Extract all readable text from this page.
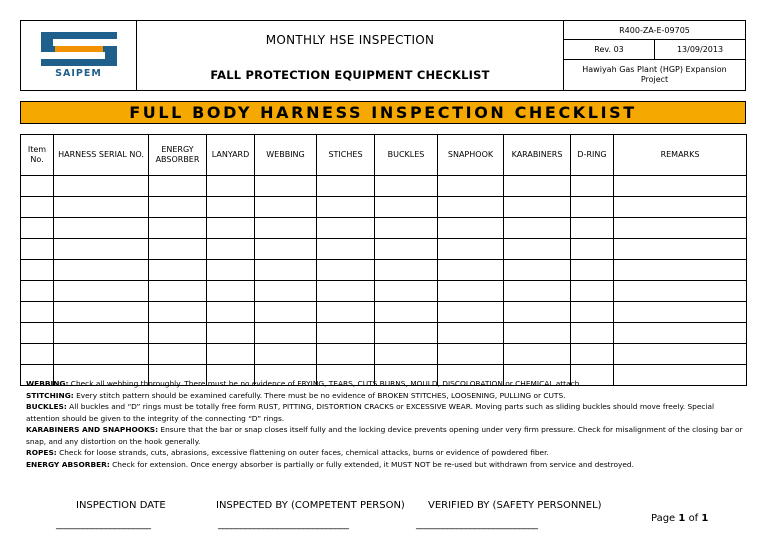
SAIPEM
MONTHLY HSE INSPECTION
FALL PROTECTION EQUIPMENT CHECKLIST
R400-ZA-E-09705
Rev. 03	13/09/2013
Hawiyah Gas Plant (HGP) Expansion Project
FULL BODY HARNESS INSPECTION CHECKLIST
Item No.	HARNESS SERIAL NO.	ENERGY ABSORBER	LANYARD	WEBBING	STICHES	BUCKLES	SNAPHOOK	KARABINERS	D-RING	REMARKS

WEBBING: Check all webbing thoroughly. There must be no evidence of FRYING, TEARS, CUTS BURNS, MOULD, DISCOLORATION or CHEMICAL attach.

STITCHING: Every stitch pattern should be examined carefully. There must be no evidence of BROKEN STITCHES, LOOSENING, PULLING or CUTS.

BUCKLES: All buckles and “D” rings must be totally free form RUST, PITTING, DISTORTION CRACKS or EXCESSIVE WEAR. Moving parts such as sliding buckles should move freely. Special attention should be given to the integrity of the connecting “D” rings.

KARABINERS AND SNAPHOOKS: Ensure that the bar or snap closes itself fully and the locking device prevents opening under very firm pressure. Check for misalignment of the closing bar or snap, and any distortion on the hook generally.

ROPES: Check for loose strands, cuts, abrasions, excessive flattening on outer faces, chemical attacks, burns or evidence of powdered fiber.

ENERGY ABSORBER: Check for extension. Once energy absorber is partially or fully extended, it MUST NOT be re-used but withdrawn from service and destroyed.

INSPECTION DATE
_____________________
INSPECTED BY (COMPETENT PERSON)
_____________________________
VERIFIED BY (SAFETY PERSONNEL)
___________________________
Page 1 of 1
